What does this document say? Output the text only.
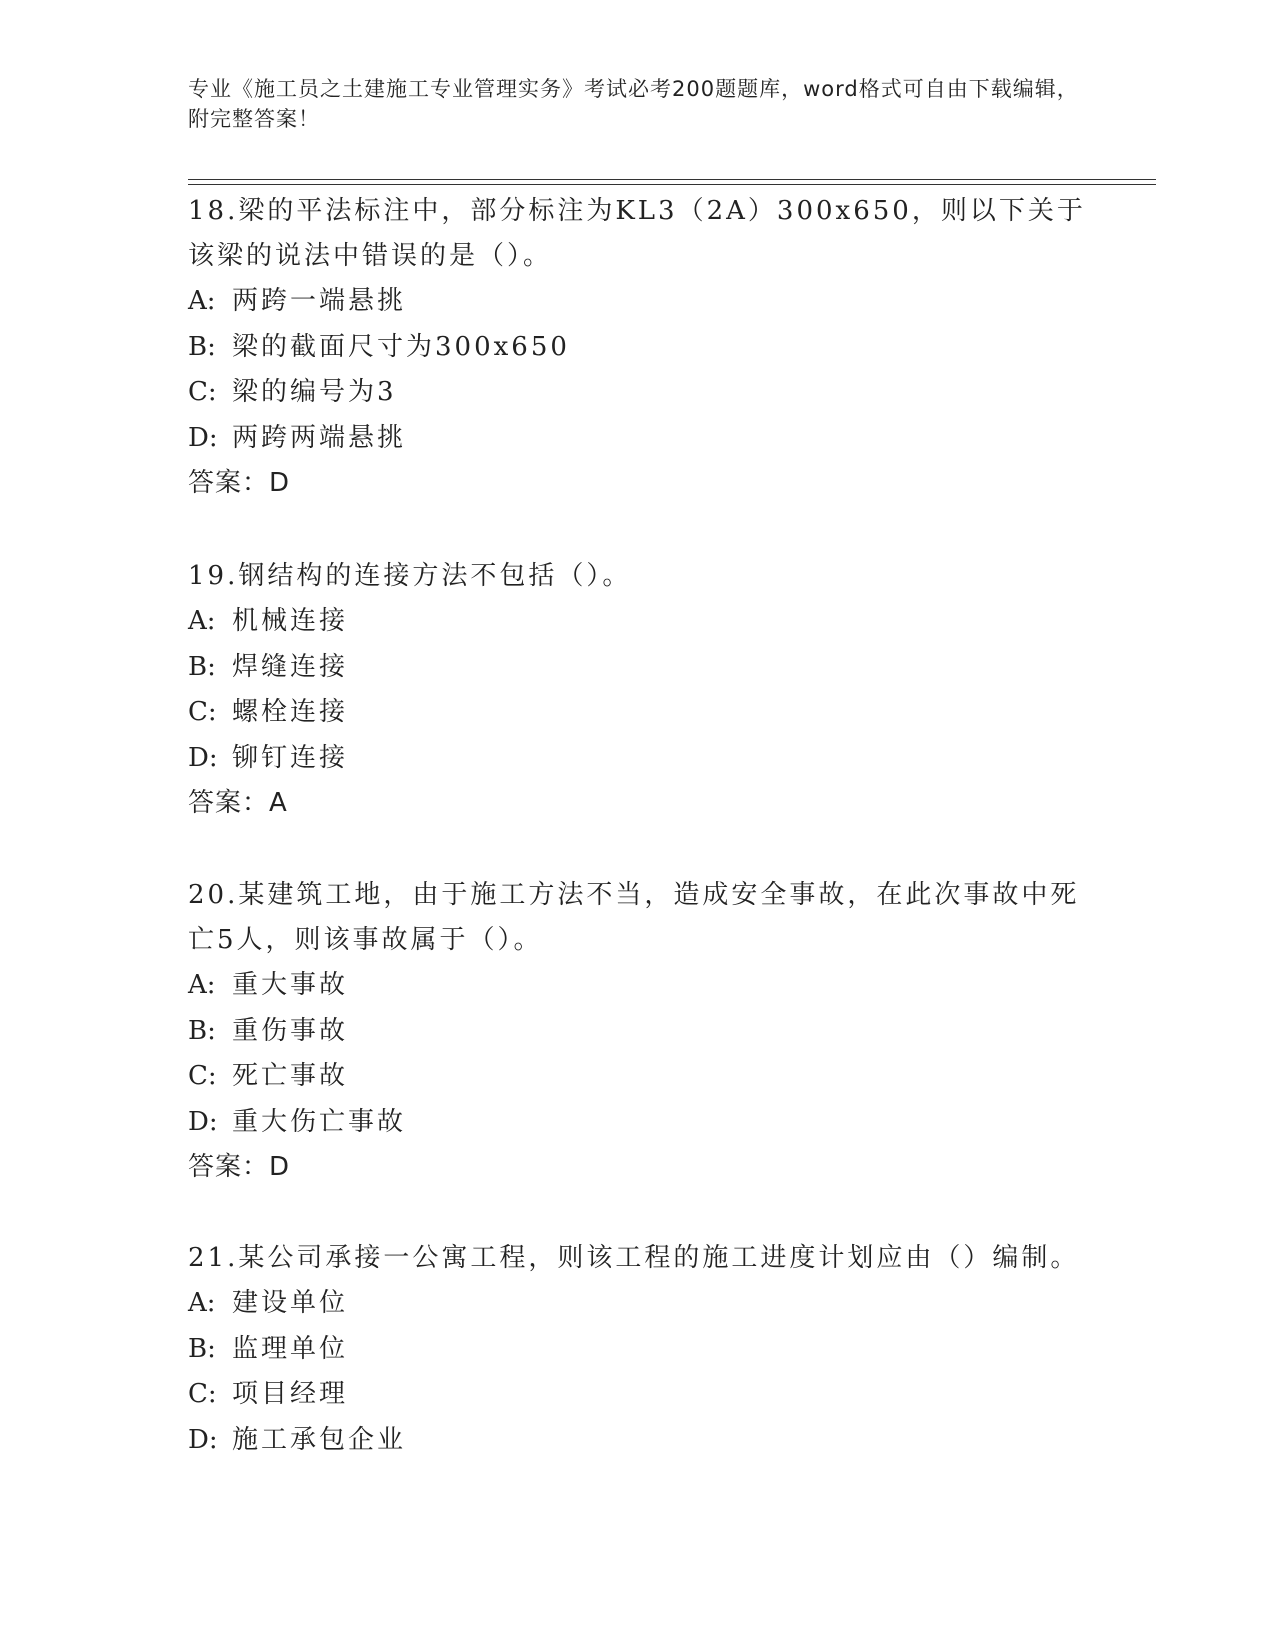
专业《施工员之土建施工专业管理实务》考试必考200题题库，word格式可自由下载编辑，附完整答案！

18.梁的平法标注中，部分标注为KL3（2A）300x650，则以下关于该梁的说法中错误的是（）。

A: 两跨一端悬挑

B: 梁的截面尺寸为300x650

C: 梁的编号为3

D: 两跨两端悬挑

答案：D

19.钢结构的连接方法不包括（）。

A: 机械连接

B: 焊缝连接

C: 螺栓连接

D: 铆钉连接

答案：A

20.某建筑工地，由于施工方法不当，造成安全事故，在此次事故中死亡5人，则该事故属于（）。

A: 重大事故

B: 重伤事故

C: 死亡事故

D: 重大伤亡事故

答案：D

21.某公司承接一公寓工程，则该工程的施工进度计划应由（）编制。

A: 建设单位

B: 监理单位

C: 项目经理

D: 施工承包企业
